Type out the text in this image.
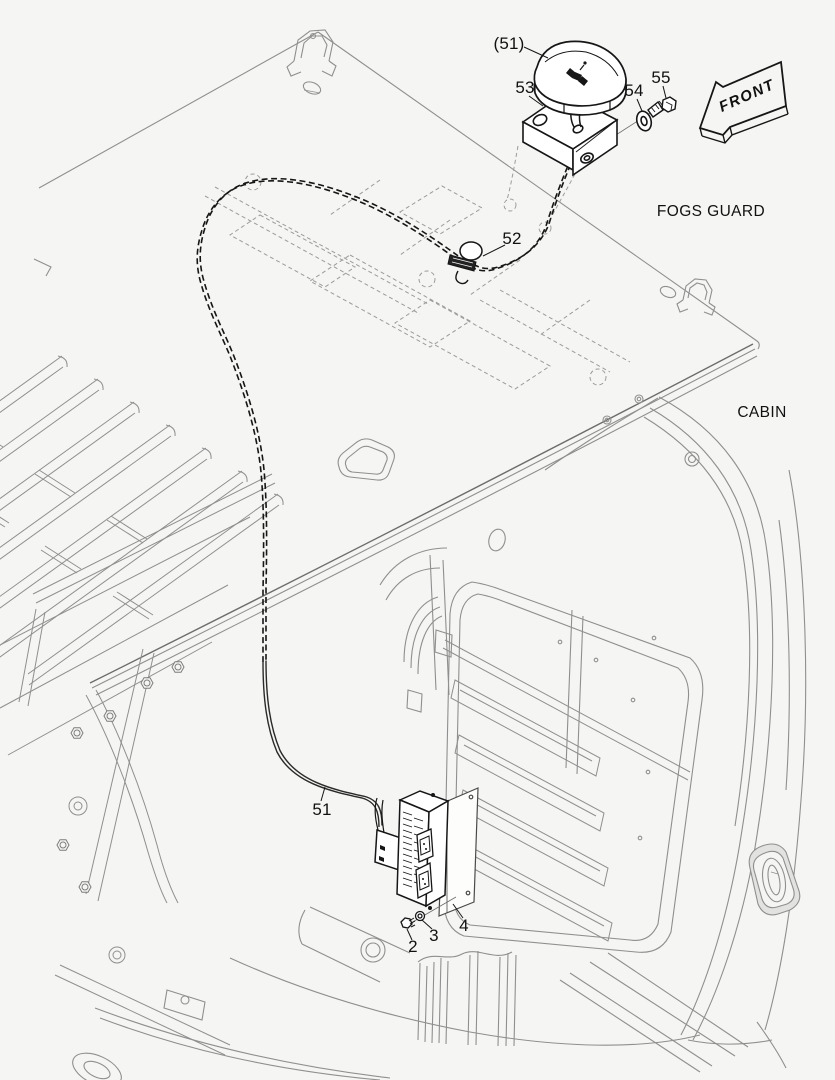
(51)
53	54
55
52
51
2
3
4
FOGS GUARD
CABIN
FRONT
